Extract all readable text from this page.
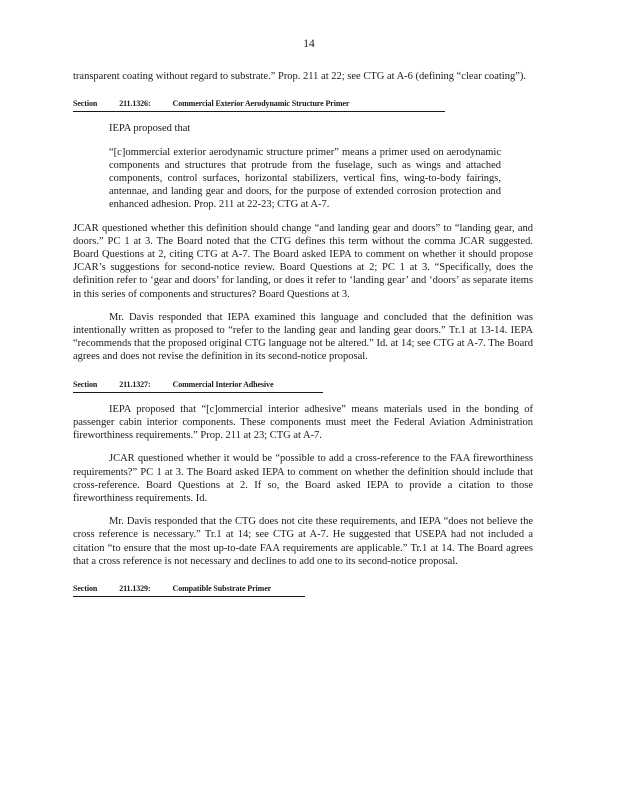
14

transparent coating without regard to substrate.” Prop. 211 at 22; see CTG at A-6 (defining “clear coating”).

Section	211.1326:	Commercial Exterior Aerodynamic Structure Primer

IEPA proposed that

“[c]ommercial exterior aerodynamic structure primer” means a primer used on aerodynamic components and structures that protrude from the fuselage, such as wings and attached components, control surfaces, horizontal stabilizers, vertical fins, wing-to-body fairings, antennae, and landing gear and doors, for the purpose of extended corrosion protection and enhanced adhesion. Prop. 211 at 22-23; CTG at A-7.

JCAR questioned whether this definition should change “and landing gear and doors” to “landing gear, and doors.” PC 1 at 3. The Board noted that the CTG defines this term without the comma JCAR suggested. Board Questions at 2, citing CTG at A-7. The Board asked IEPA to comment on whether it should propose JCAR’s suggestions for second-notice review. Board Questions at 2; PC 1 at 3. “Specifically, does the definition refer to ‘gear and doors’ for landing, or does it refer to ‘landing gear’ and ‘doors’ as separate items in this series of components and structures? Board Questions at 3.

Mr. Davis responded that IEPA examined this language and concluded that the definition was intentionally written as proposed to “refer to the landing gear and landing gear doors.” Tr.1 at 13-14. IEPA “recommends that the proposed original CTG language not be altered.” Id. at 14; see CTG at A-7. The Board agrees and does not revise the definition in its second-notice proposal.

Section	211.1327:	Commercial Interior Adhesive

IEPA proposed that “[c]ommercial interior adhesive” means materials used in the bonding of passenger cabin interior components. These components must meet the Federal Aviation Administration fireworthiness requirements.” Prop. 211 at 23; CTG at A-7.

JCAR questioned whether it would be “possible to add a cross-reference to the FAA fireworthiness requirements?” PC 1 at 3. The Board asked IEPA to comment on whether the definition should include that cross-reference. Board Questions at 2. If so, the Board asked IEPA to provide a citation to those fireworthiness requirements. Id.

Mr. Davis responded that the CTG does not cite these requirements, and IEPA “does not believe the cross reference is necessary.” Tr.1 at 14; see CTG at A-7. He suggested that USEPA had not included a citation “to ensure that the most up-to-date FAA requirements are applicable.” Tr.1 at 14. The Board agrees that a cross reference is not necessary and declines to add one to its second-notice proposal.

Section	211.1329:	Compatible Substrate Primer
